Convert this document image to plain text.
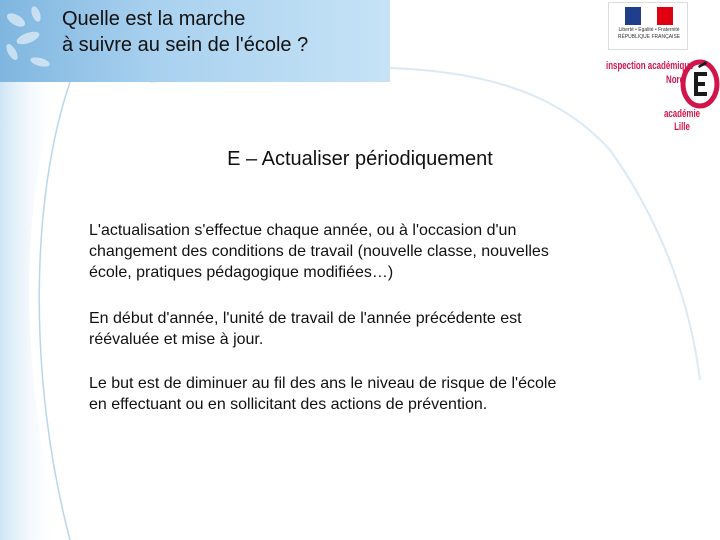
Quelle est la marche
à suivre au sein de l'école ?
Liberté • Égalité • Fraternité
RÉPUBLIQUE FRANÇAISE
inspection académique
Nord
académie
Lille
E – Actualiser périodiquement
L'actualisation s'effectue chaque année, ou à l'occasion d'un
changement des conditions de travail (nouvelle classe, nouvelles
école, pratiques pédagogique modifiées…)
En début d'année, l'unité de travail de l'année précédente est
réévaluée et mise à jour.
Le but est de diminuer au fil des ans le niveau de risque de l'école
en effectuant ou en sollicitant des actions de prévention.
